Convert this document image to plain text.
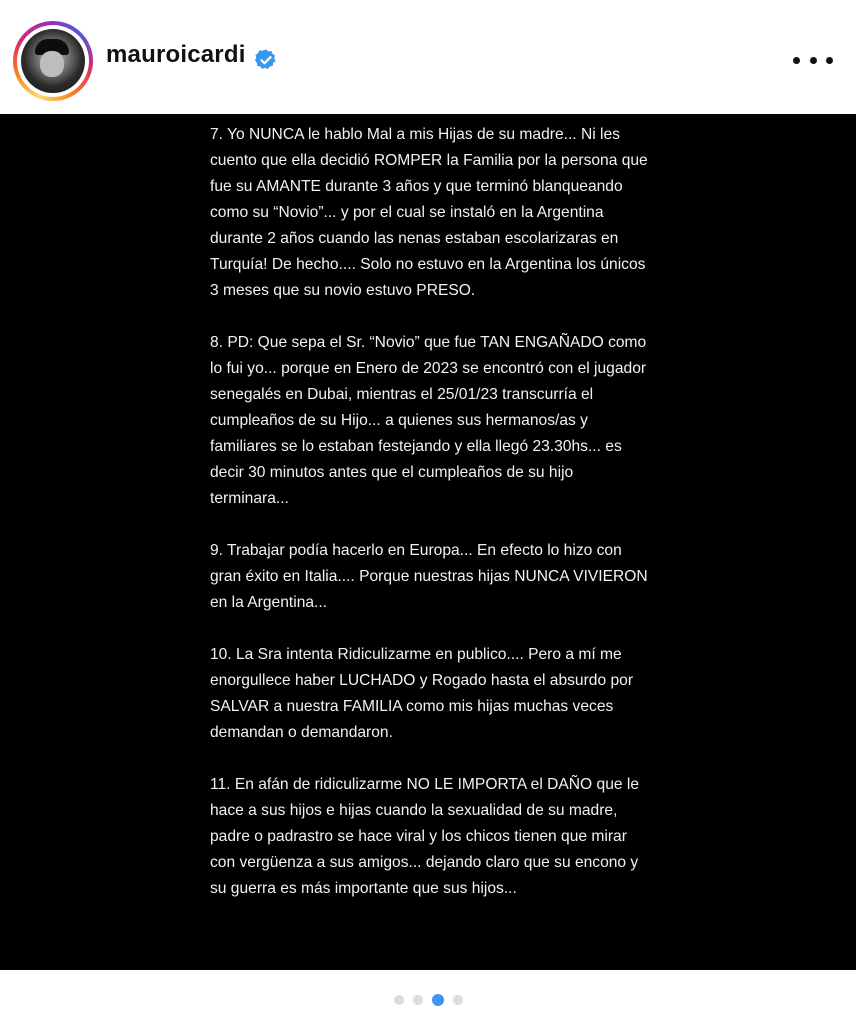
mauroicardi

7. Yo NUNCA le hablo Mal a mis Hijas de su madre... Ni les cuento que ella decidió ROMPER la Familia por la persona que fue su AMANTE durante 3 años y que terminó blanqueando como su “Novio”... y por el cual se instaló en la Argentina durante 2 años cuando las nenas estaban escolarizaras en Turquía! De hecho.... Solo no estuvo en la Argentina los únicos 3 meses que su novio estuvo PRESO.

8. PD: Que sepa el Sr. “Novio” que fue TAN ENGAÑADO como lo fui yo... porque en Enero de 2023 se encontró con el jugador senegalés en Dubai, mientras el 25/01/23 transcurría el cumpleaños de su Hijo... a quienes sus hermanos/as y familiares se lo estaban festejando y ella llegó 23.30hs... es decir 30 minutos antes que el cumpleaños de su hijo terminara...

9. Trabajar podía hacerlo en Europa... En efecto lo hizo con gran éxito en Italia.... Porque nuestras hijas NUNCA VIVIERON en la Argentina...

10. La Sra intenta Ridiculizarme en publico.... Pero a mí me enorgullece haber LUCHADO y Rogado hasta el absurdo por SALVAR a nuestra FAMILIA como mis hijas muchas veces demandan o demandaron.

11. En afán de ridiculizarme NO LE IMPORTA el DAÑO que le hace a sus hijos e hijas cuando la sexualidad de su madre, padre o padrastro se hace viral y los chicos tienen que mirar con vergüenza a sus amigos... dejando claro que su encono y su guerra es más importante que sus hijos...
